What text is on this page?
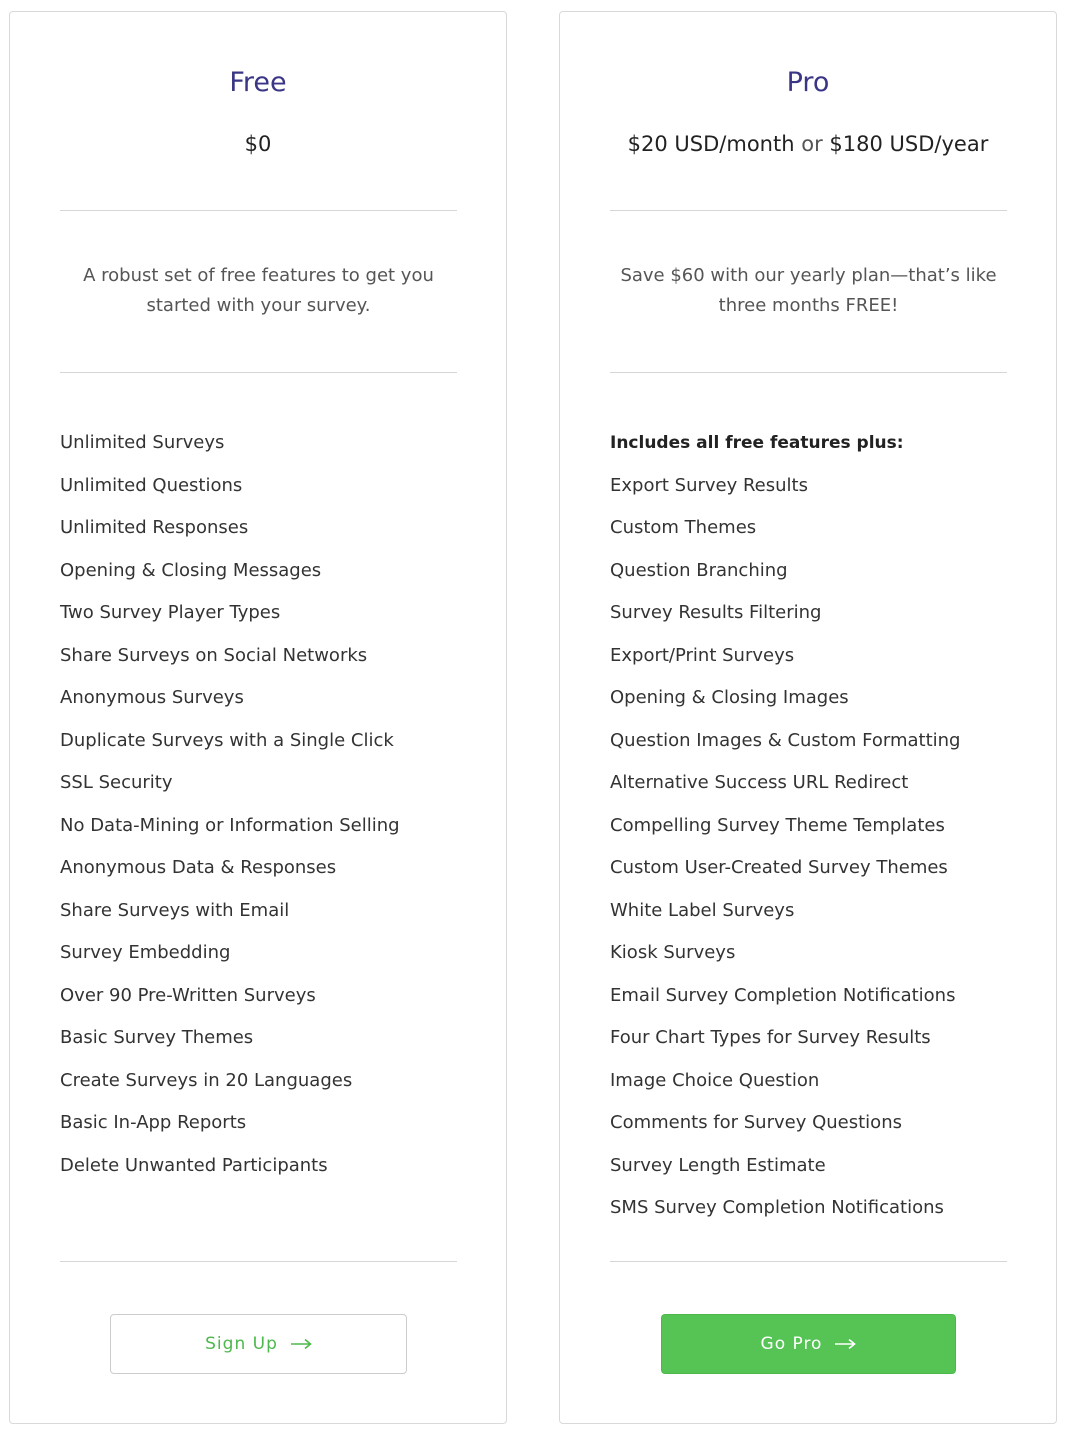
Free
$0
A robust set of free features to get you started with your survey.
Unlimited Surveys
Unlimited Questions
Unlimited Responses
Opening & Closing Messages
Two Survey Player Types
Share Surveys on Social Networks
Anonymous Surveys
Duplicate Surveys with a Single Click
SSL Security
No Data-Mining or Information Selling
Anonymous Data & Responses
Share Surveys with Email
Survey Embedding
Over 90 Pre-Written Surveys
Basic Survey Themes
Create Surveys in 20 Languages
Basic In-App Reports
Delete Unwanted Participants
Sign Up
Pro
$20 USD/month or $180 USD/year
Save $60 with our yearly plan—that’s like three months FREE!
Includes all free features plus:
Export Survey Results
Custom Themes
Question Branching
Survey Results Filtering
Export/Print Surveys
Opening & Closing Images
Question Images & Custom Formatting
Alternative Success URL Redirect
Compelling Survey Theme Templates
Custom User-Created Survey Themes
White Label Surveys
Kiosk Surveys
Email Survey Completion Notifications
Four Chart Types for Survey Results
Image Choice Question
Comments for Survey Questions
Survey Length Estimate
SMS Survey Completion Notifications
Go Pro
